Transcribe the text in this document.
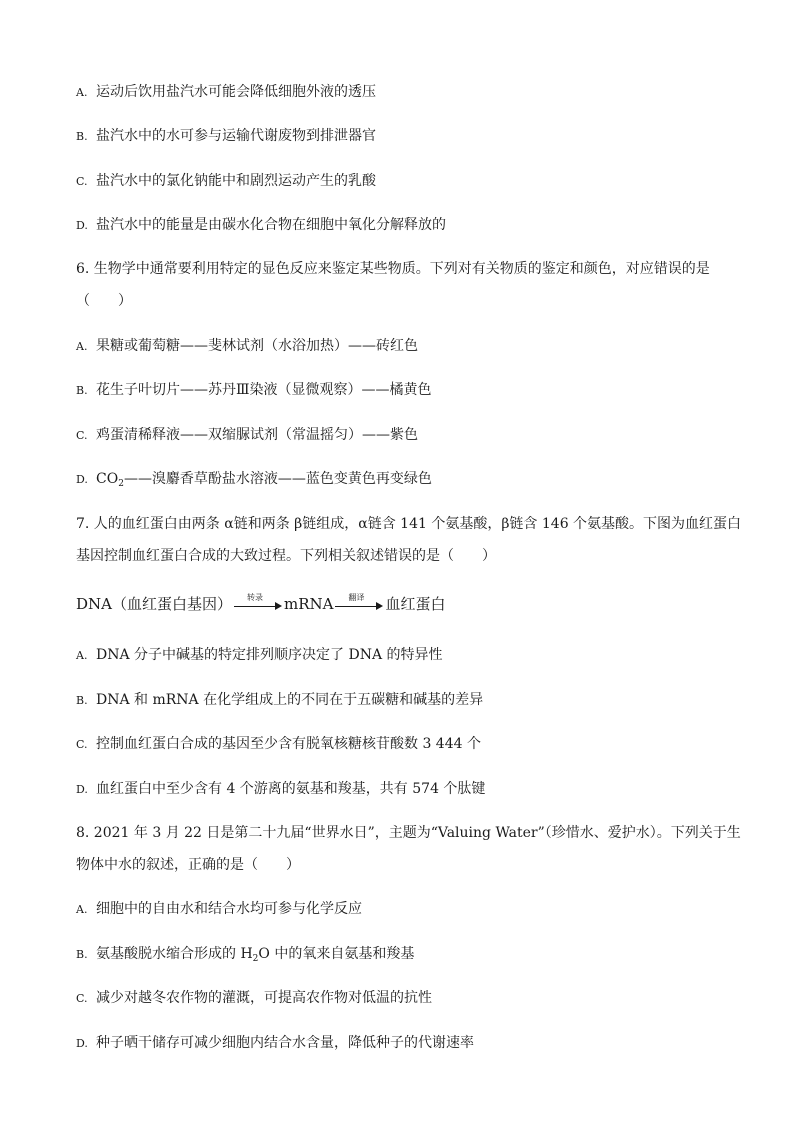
A. 运动后饮用盐汽水可能会降低细胞外液的透压
B. 盐汽水中的水可参与运输代谢废物到排泄器官
C. 盐汽水中的氯化钠能中和剧烈运动产生的乳酸
D. 盐汽水中的能量是由碳水化合物在细胞中氧化分解释放的
6. 生物学中通常要利用特定的显色反应来鉴定某些物质。下列对有关物质的鉴定和颜色，对应错误的是
（　　）
A. 果糖或葡萄糖——斐林试剂（水浴加热）——砖红色
B. 花生子叶切片——苏丹Ⅲ染液（显微观察）——橘黄色
C. 鸡蛋清稀释液——双缩脲试剂（常温摇匀）——紫色
D. $CO_2——$溴麝香草酚盐水溶液——蓝色变黄色再变绿色
7. 人的血红蛋白由两条 α链和两条 β链组成，α链含 141 个氨基酸，β链含 146 个氨基酸。下图为血红蛋白
基因控制血红蛋白合成的大致过程。下列相关叙述错误的是（　　）
DNA（血红蛋白基因）	转录	mRNA	翻译	血红蛋白
A. DNA 分子中碱基的特定排列顺序决定了 DNA 的特异性
B. DNA 和 mRNA 在化学组成上的不同在于五碳糖和碱基的差异
C. 控制血红蛋白合成的基因至少含有脱氧核糖核苷酸数 3 444 个
D. 血红蛋白中至少含有 4 个游离的氨基和羧基，共有 574 个肽键
8. 2021 年 3 月 22 日是第二十九届“世界水日”，主题为“Valuing Water”（珍惜水、爱护水）。下列关于生
物体中水的叙述，正确的是（　　）
A. 细胞中的自由水和结合水均可参与化学反应
B. 氨基酸脱水缩合形成的 $H_2O$ 中的氧来自氨基和羧基
C. 减少对越冬农作物的灌溉，可提高农作物对低温的抗性
D. 种子晒干储存可减少细胞内结合水含量，降低种子的代谢速率
